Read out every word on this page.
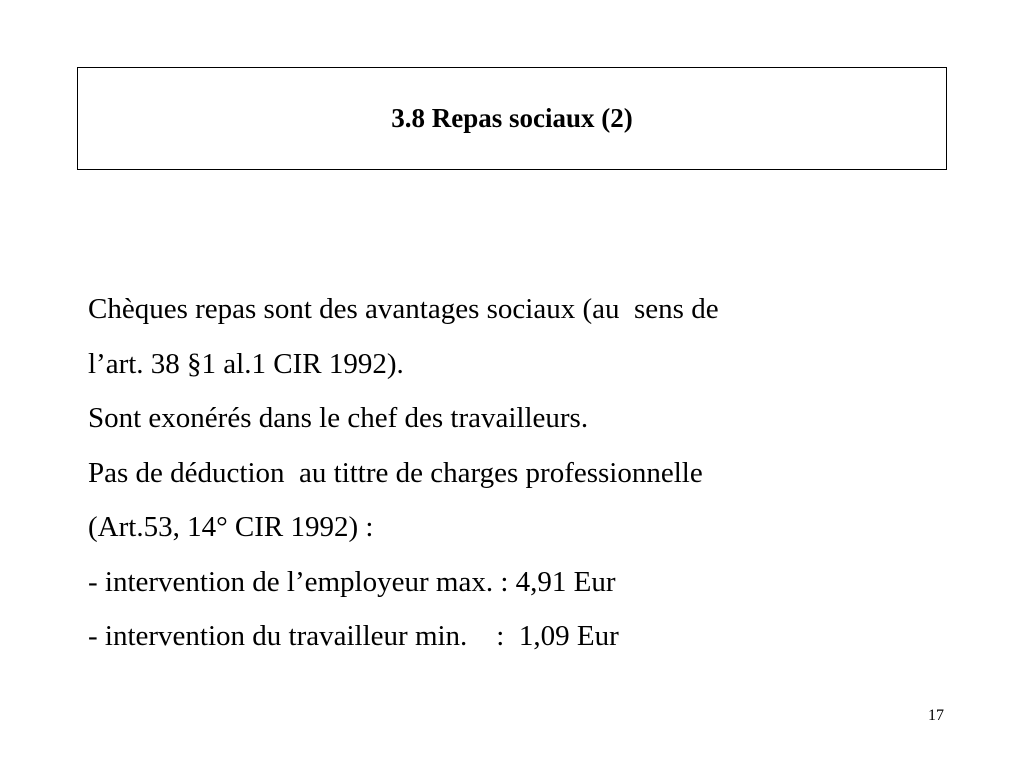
3.8 Repas sociaux (2)
Chèques repas sont des avantages sociaux (au  sens de
l’art. 38 §1 al.1 CIR 1992).
Sont exonérés dans le chef des travailleurs.
Pas de déduction  au tittre de charges professionnelle
(Art.53, 14° CIR 1992) :
- intervention de l’employeur max. : 4,91 Eur
- intervention du travailleur min.    :  1,09 Eur
17
